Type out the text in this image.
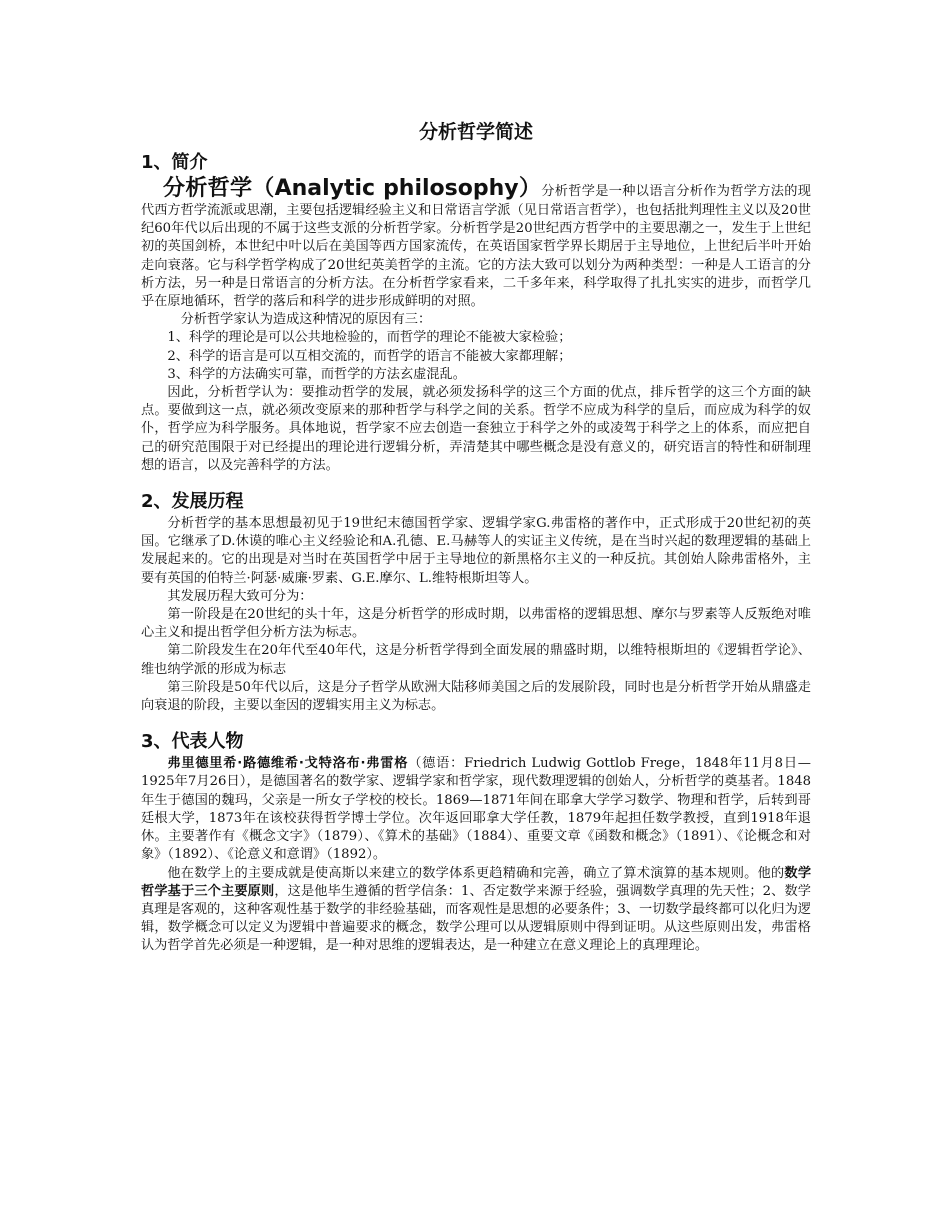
分析哲学简述
1、简介

分析哲学（Analytic philosophy）分析哲学是一种以语言分析作为哲学方法的现代西方哲学流派或思潮，主要包括逻辑经验主义和日常语言学派（见日常语言哲学），也包括批判理性主义以及20世纪60年代以后出现的不属于这些支派的分析哲学家。分析哲学是20世纪西方哲学中的主要思潮之一，发生于上世纪初的英国剑桥，本世纪中叶以后在美国等西方国家流传，在英语国家哲学界长期居于主导地位，上世纪后半叶开始走向衰落。它与科学哲学构成了20世纪英美哲学的主流。它的方法大致可以划分为两种类型：一种是人工语言的分析方法，另一种是日常语言的分析方法。在分析哲学家看来，二千多年来，科学取得了扎扎实实的进步，而哲学几乎在原地循环，哲学的落后和科学的进步形成鲜明的对照。

分析哲学家认为造成这种情况的原因有三：

1、科学的理论是可以公共地检验的，而哲学的理论不能被大家检验；

2、科学的语言是可以互相交流的，而哲学的语言不能被大家都理解；

3、科学的方法确实可靠，而哲学的方法玄虚混乱。

因此，分析哲学认为：要推动哲学的发展，就必须发扬科学的这三个方面的优点，排斥哲学的这三个方面的缺点。要做到这一点，就必须改变原来的那种哲学与科学之间的关系。哲学不应成为科学的皇后，而应成为科学的奴仆，哲学应为科学服务。具体地说，哲学家不应去创造一套独立于科学之外的或凌驾于科学之上的体系，而应把自己的研究范围限于对已经提出的理论进行逻辑分析，弄清楚其中哪些概念是没有意义的，研究语言的特性和研制理想的语言，以及完善科学的方法。

2、发展历程

分析哲学的基本思想最初见于19世纪末德国哲学家、逻辑学家G.弗雷格的著作中，正式形成于20世纪初的英国。它继承了D.休谟的唯心主义经验论和A.孔德、E.马赫等人的实证主义传统，是在当时兴起的数理逻辑的基础上发展起来的。它的出现是对当时在英国哲学中居于主导地位的新黑格尔主义的一种反抗。其创始人除弗雷格外，主要有英国的伯特兰·阿瑟·威廉·罗素、G.E.摩尔、L.维特根斯坦等人。

其发展历程大致可分为：

第一阶段是在20世纪的头十年，这是分析哲学的形成时期，以弗雷格的逻辑思想、摩尔与罗素等人反叛绝对唯心主义和提出哲学但分析方法为标志。

第二阶段发生在20年代至40年代，这是分析哲学得到全面发展的鼎盛时期，以维特根斯坦的《逻辑哲学论》、维也纳学派的形成为标志

第三阶段是50年代以后，这是分子哲学从欧洲大陆移师美国之后的发展阶段，同时也是分析哲学开始从鼎盛走向衰退的阶段，主要以奎因的逻辑实用主义为标志。

3、代表人物

弗里德里希·路德维希·戈特洛布·弗雷格（德语：Friedrich Ludwig Gottlob Frege，1848年11月8日—1925年7月26日），是德国著名的数学家、逻辑学家和哲学家，现代数理逻辑的创始人，分析哲学的奠基者。1848年生于德国的魏玛，父亲是一所女子学校的校长。1869—1871年间在耶拿大学学习数学、物理和哲学，后转到哥廷根大学，1873年在该校获得哲学博士学位。次年返回耶拿大学任教，1879年起担任数学教授，直到1918年退休。主要著作有《概念文字》（1879）、《算术的基础》（1884）、重要文章《函数和概念》（1891）、《论概念和对象》（1892）、《论意义和意谓》（1892）。

他在数学上的主要成就是使高斯以来建立的数学体系更趋精确和完善，确立了算术演算的基本规则。他的数学哲学基于三个主要原则，这是他毕生遵循的哲学信条：1、否定数学来源于经验，强调数学真理的先天性；2、数学真理是客观的，这种客观性基于数学的非经验基础，而客观性是思想的必要条件；3、一切数学最终都可以化归为逻辑，数学概念可以定义为逻辑中普遍要求的概念，数学公理可以从逻辑原则中得到证明。从这些原则出发，弗雷格认为哲学首先必须是一种逻辑，是一种对思维的逻辑表达，是一种建立在意义理论上的真理理论。
